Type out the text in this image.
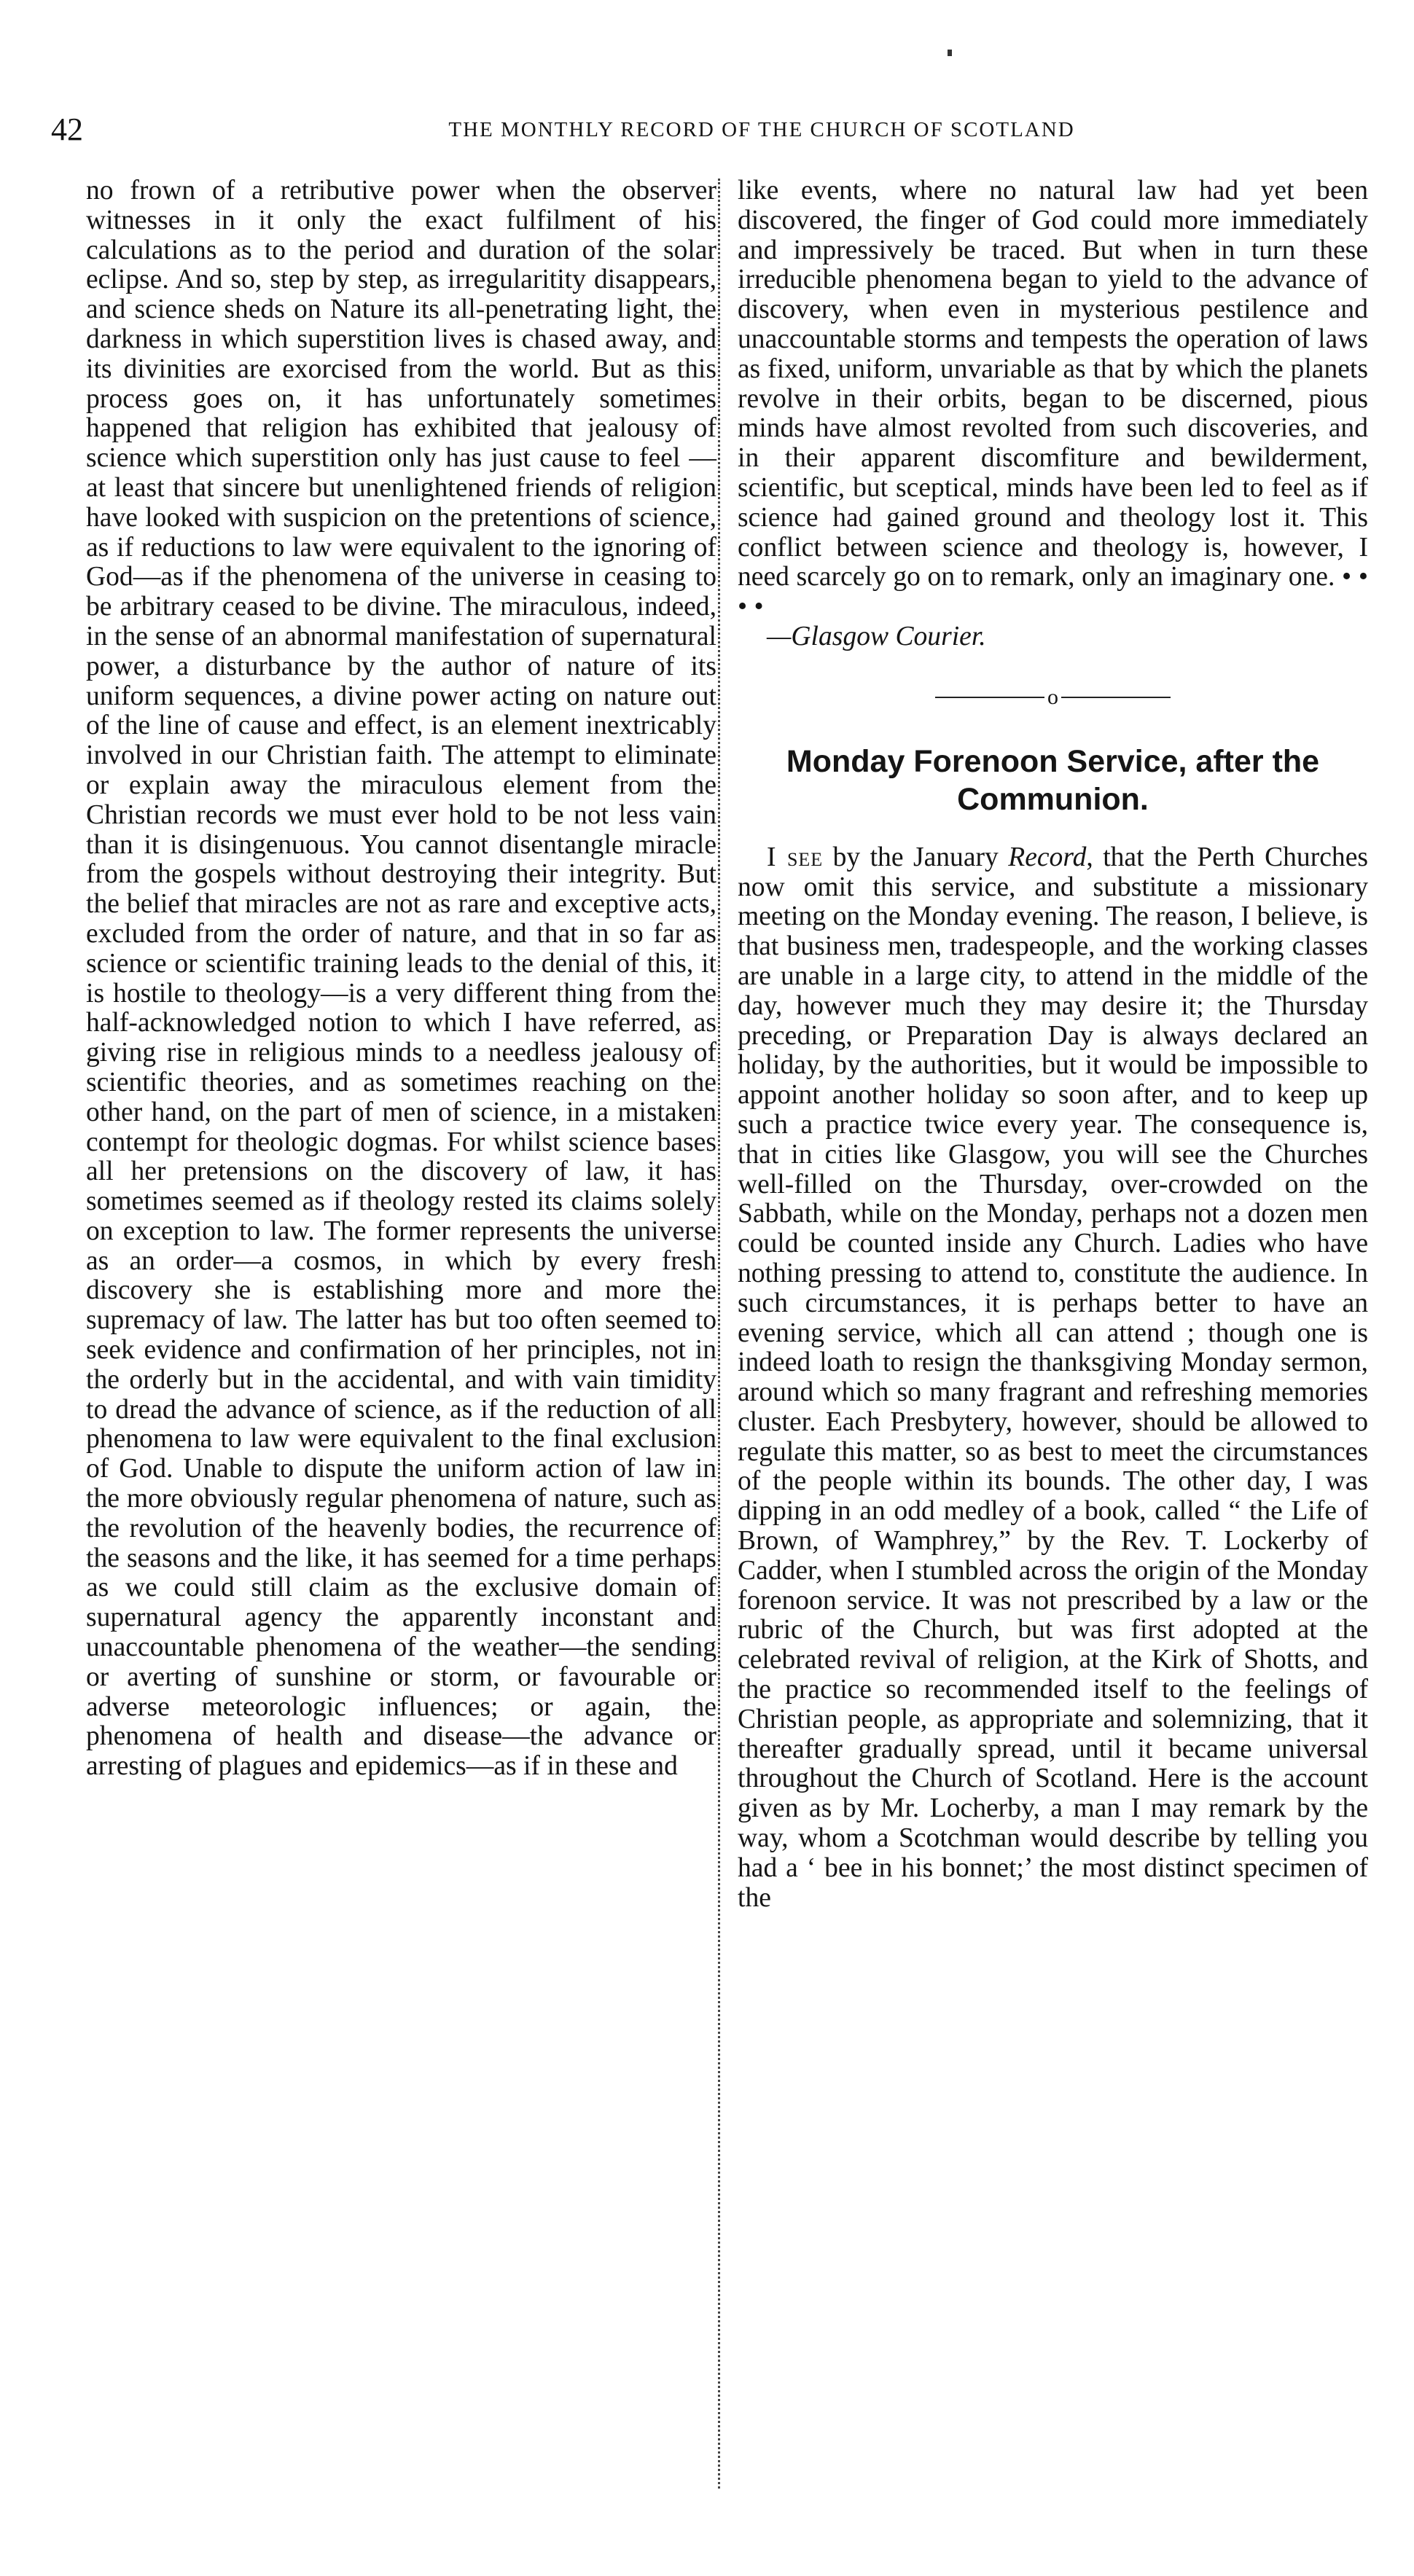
42	THE MONTHLY RECORD OF THE CHURCH OF SCOTLAND

no frown of a retributive power when the observer witnesses in it only the exact fulfilment of his calculations as to the period and duration of the solar eclipse. And so, step by step, as irregularitity disappears, and science sheds on Nature its all-penetrating light, the darkness in which superstition lives is chased away, and its divinities are exorcised from the world. But as this process goes on, it has unfortunately sometimes happened that religion has exhibited that jealousy of science which superstition only has just cause to feel — at least that sincere but unenlightened friends of religion have looked with suspicion on the pretentions of science, as if reductions to law were equivalent to the ignoring of God—as if the phenomena of the universe in ceasing to be arbitrary ceased to be divine. The miraculous, indeed, in the sense of an abnormal manifestation of supernatural power, a disturbance by the author of nature of its uniform sequences, a divine power acting on nature out of the line of cause and effect, is an element inextricably involved in our Christian faith. The attempt to eliminate or explain away the miraculous element from the Christian records we must ever hold to be not less vain than it is disingenuous. You cannot disentangle miracle from the gospels without destroying their integrity. But the belief that miracles are not as rare and exceptive acts, excluded from the order of nature, and that in so far as science or scientific training leads to the denial of this, it is hostile to theology—is a very different thing from the half-acknowledged notion to which I have referred, as giving rise in religious minds to a needless jealousy of scientific theories, and as sometimes reaching on the other hand, on the part of men of science, in a mistaken contempt for theologic dogmas. For whilst science bases all her pretensions on the discovery of law, it has sometimes seemed as if theology rested its claims solely on exception to law. The former represents the universe as an order—a cosmos, in which by every fresh discovery she is establishing more and more the supremacy of law. The latter has but too often seemed to seek evidence and confirmation of her principles, not in the orderly but in the accidental, and with vain timidity to dread the advance of science, as if the reduction of all phenomena to law were equivalent to the final exclusion of God. Unable to dispute the uniform action of law in the more obviously regular phenomena of nature, such as the revolution of the heavenly bodies, the recurrence of the seasons and the like, it has seemed for a time perhaps as we could still claim as the exclusive domain of supernatural agency the apparently inconstant and unaccountable phenomena of the weather—the sending or averting of sunshine or storm, or favourable or adverse meteorologic influences; or again, the phenomena of health and disease—the advance or arresting of plagues and epidemics—as if in these and

like events, where no natural law had yet been discovered, the finger of God could more immediately and impressively be traced. But when in turn these irreducible phenomena began to yield to the advance of discovery, when even in mysterious pestilence and unaccountable storms and tempests the operation of laws as fixed, uniform, unvariable as that by which the planets revolve in their orbits, began to be discerned, pious minds have almost revolted from such discoveries, and in their apparent discomfiture and bewilderment, scientific, but sceptical, minds have been led to feel as if science had gained ground and theology lost it. This conflict between science and theology is, however, I need scarcely go on to remark, only an imaginary one. • • • •

—Glasgow Courier.

o
Monday Forenoon Service, after the Communion.

I see by the January Record, that the Perth Churches now omit this service, and substitute a missionary meeting on the Monday evening. The reason, I believe, is that business men, tradespeople, and the working classes are unable in a large city, to attend in the middle of the day, however much they may desire it; the Thursday preceding, or Preparation Day is always declared an holiday, by the authorities, but it would be impossible to appoint another holiday so soon after, and to keep up such a practice twice every year. The consequence is, that in cities like Glasgow, you will see the Churches well-filled on the Thursday, over-crowded on the Sabbath, while on the Monday, perhaps not a dozen men could be counted inside any Church. Ladies who have nothing pressing to attend to, constitute the audience. In such circumstances, it is perhaps better to have an evening service, which all can attend ; though one is indeed loath to resign the thanksgiving Monday sermon, around which so many fragrant and refreshing memories cluster. Each Presbytery, however, should be allowed to regulate this matter, so as best to meet the circumstances of the people within its bounds. The other day, I was dipping in an odd medley of a book, called “ the Life of Brown, of Wamphrey,” by the Rev. T. Lockerby of Cadder, when I stumbled across the origin of the Monday forenoon service. It was not prescribed by a law or the rubric of the Church, but was first adopted at the celebrated revival of religion, at the Kirk of Shotts, and the practice so recommended itself to the feelings of Christian people, as appropriate and solemnizing, that it thereafter gradually spread, until it became universal throughout the Church of Scotland. Here is the account given as by Mr. Locherby, a man I may remark by the way, whom a Scotchman would describe by telling you had a ‘ bee in his bonnet;’ the most distinct specimen of the
